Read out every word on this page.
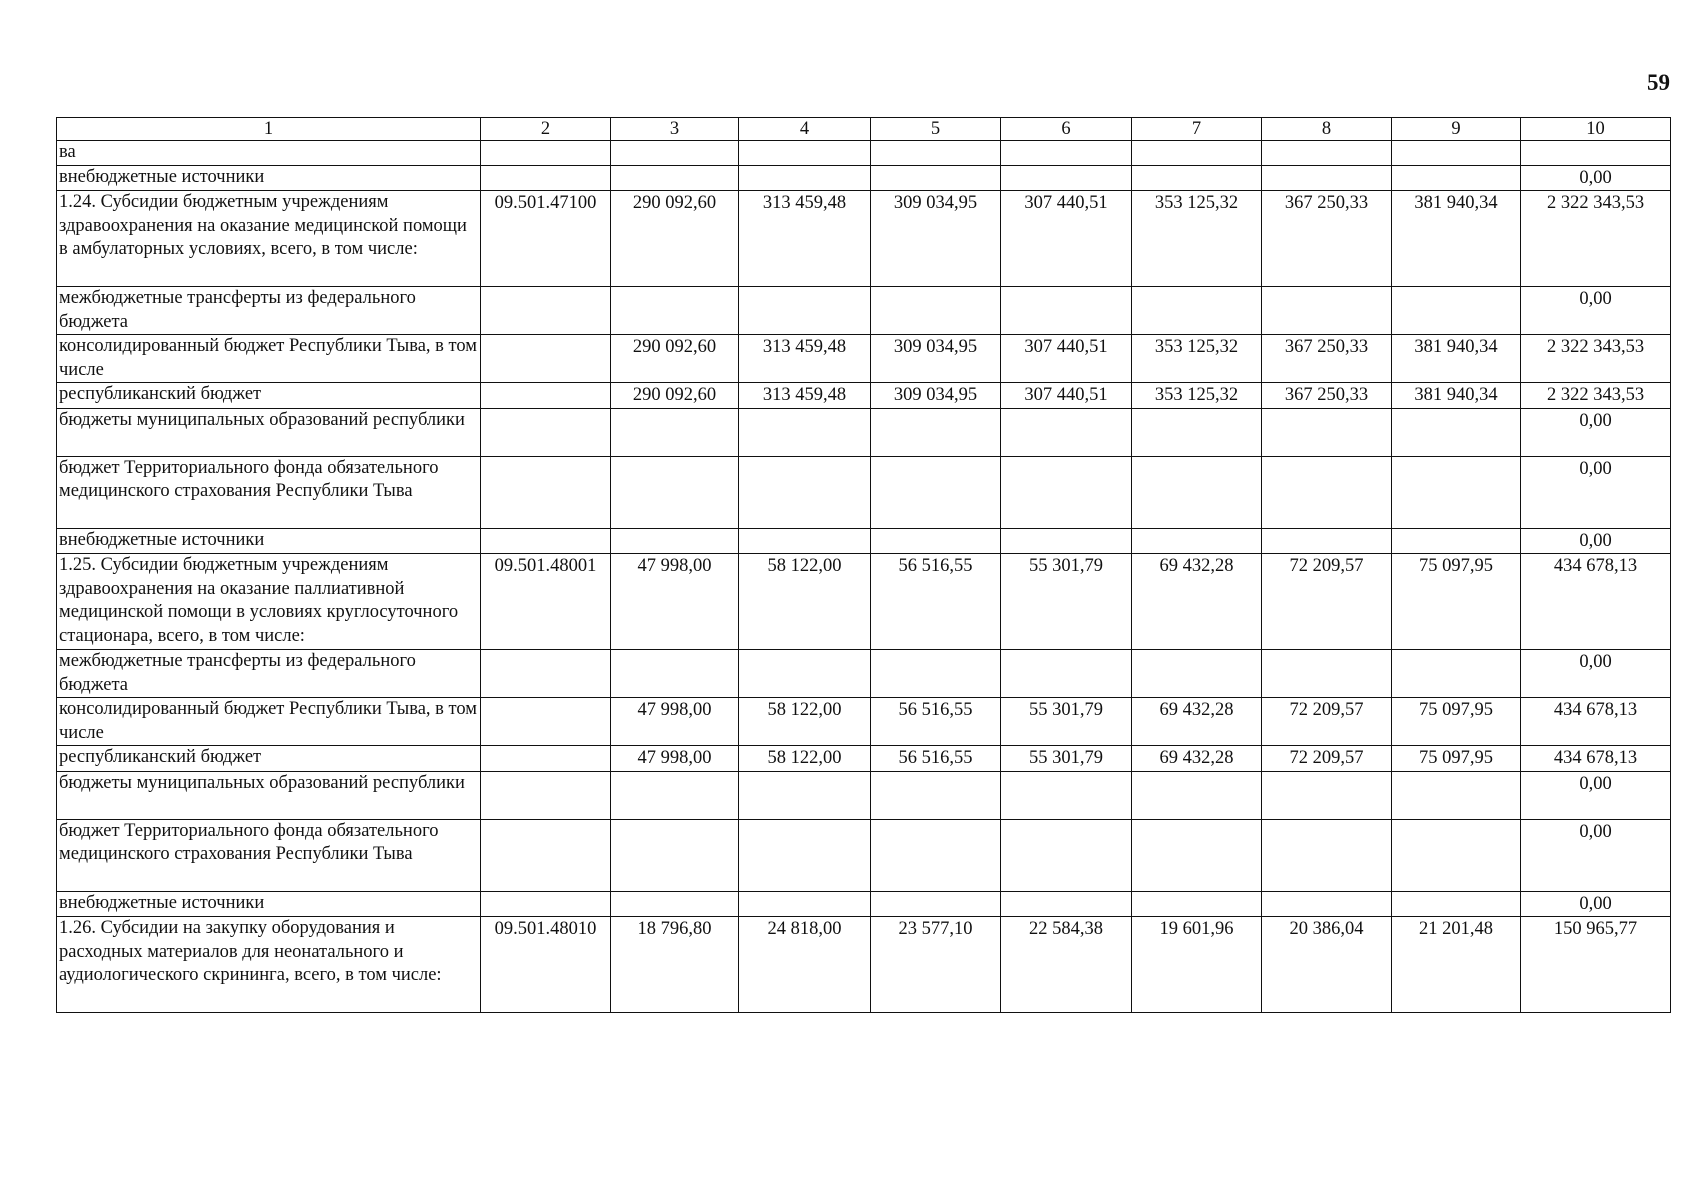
59
1	2	3	4	5	6	7	8	9	10
ва									
внебюджетные источники									0,00
1.24. Субсидии бюджетным учреждениям здравоохранения на оказание медицинской помощи в амбулаторных условиях, всего, в том числе:	09.501.47100	290 092,60	313 459,48	309 034,95	307 440,51	353 125,32	367 250,33	381 940,34	2 322 343,53
межбюджетные трансферты из федерального бюджета									0,00
консолидированный бюджет Республики Тыва, в том числе		290 092,60	313 459,48	309 034,95	307 440,51	353 125,32	367 250,33	381 940,34	2 322 343,53
республиканский бюджет		290 092,60	313 459,48	309 034,95	307 440,51	353 125,32	367 250,33	381 940,34	2 322 343,53
бюджеты муниципальных образований республики									0,00
бюджет Территориального фонда обязательного медицинского страхования Республики Тыва									0,00
внебюджетные источники									0,00
1.25. Субсидии бюджетным учреждениям здравоохранения на оказание паллиативной медицинской помощи в условиях круглосуточного стационара, всего, в том числе:	09.501.48001	47 998,00	58 122,00	56 516,55	55 301,79	69 432,28	72 209,57	75 097,95	434 678,13
межбюджетные трансферты из федерального бюджета									0,00
консолидированный бюджет Республики Тыва, в том числе		47 998,00	58 122,00	56 516,55	55 301,79	69 432,28	72 209,57	75 097,95	434 678,13
республиканский бюджет		47 998,00	58 122,00	56 516,55	55 301,79	69 432,28	72 209,57	75 097,95	434 678,13
бюджеты муниципальных образований республики									0,00
бюджет Территориального фонда обязательного медицинского страхования Республики Тыва									0,00
внебюджетные источники									0,00
1.26. Субсидии на закупку оборудования и расходных материалов для неонатального и аудиологического скрининга, всего, в том числе:	09.501.48010	18 796,80	24 818,00	23 577,10	22 584,38	19 601,96	20 386,04	21 201,48	150 965,77
